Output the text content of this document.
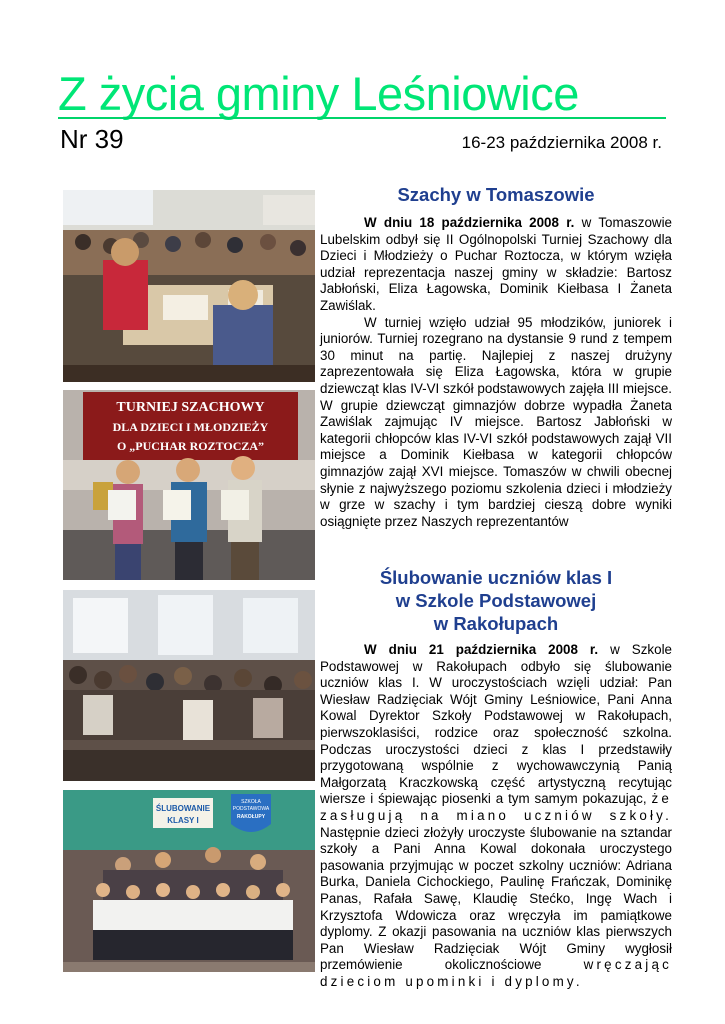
Z życia gminy Leśniowice
Nr 39	16-23 października 2008 r.
TURNIEJ SZACHOWY
DLA DZIECI I MŁODZIEŻY
O „PUCHAR ROZTOCZA”
ŚLUBOWANIE
KLASY I
SZKOŁA
PODSTAWOWA
RAKOŁUPY
Szachy w Tomaszowie

W dniu 18 października 2008 r. w Tomaszowie Lubelskim odbył się II Ogólnopolski Turniej Szachowy dla Dzieci i Młodzieży o Puchar Roztocza, w którym wzięła udział reprezentacja naszej gminy w składzie: Bartosz Jabłoński, Eliza Łagowska, Dominik Kiełbasa I Żaneta Zawiślak.

W turniej wzięło udział 95 młodzików, juniorek i juniorów. Turniej rozegrano na dystansie 9 rund z tempem 30 minut na partię. Najlepiej z naszej drużyny zaprezentowała się Eliza Łagowska, która w grupie dziewcząt klas IV-VI szkół podstawowych zajęła III miejsce. W grupie dziewcząt gimnazjów dobrze wypadła Żaneta Zawiślak zajmując IV miejsce. Bartosz Jabłoński w kategorii chłopców klas IV-VI szkół podstawowych zajął VII miejsce a Dominik Kiełbasa w kategorii chłopców gimnazjów zajął XVI miejsce. Tomaszów w chwili obecnej słynie z najwyższego poziomu szkolenia dzieci i młodzieży w grze w szachy i tym bardziej cieszą dobre wyniki osiągnięte przez Naszych reprezentantów

Ślubowanie uczniów klas I
w Szkole Podstawowej
w Rakołupach

W dniu 21 października 2008 r. w Szkole Podstawowej w Rakołupach odbyło się ślubowanie uczniów klas I. W uroczystościach wzięli udział: Pan Wiesław Radzięciak Wójt Gminy Leśniowice, Pani Anna Kowal Dyrektor Szkoły Podstawowej w Rakołupach, pierwszoklasiści, rodzice oraz społeczność szkolna. Podczas uroczystości dzieci z klas I przedstawiły przygotowaną wspólnie z wychowawczynią Panią Małgorzatą Kraczkowską część artystyczną recytując wiersze i śpiewając piosenki a tym samym pokazując, że zasługują na miano uczniów szkoły. Następnie dzieci złożyły uroczyste ślubowanie na sztandar szkoły a Pani Anna Kowal dokonała uroczystego pasowania przyjmując w poczet szkolny uczniów: Adriana Burka, Daniela Cichockiego, Paulinę Frańczak, Dominikę Panas, Rafała Sawę, Klaudię Stećko, Ingę Wach i Krzysztofa Wdowicza oraz wręczyła im pamiątkowe dyplomy. Z okazji pasowania na uczniów klas pierwszych Pan Wiesław Radzięciak Wójt Gminy wygłosił przemówienie okolicznościowe	wręczając dzieciom upominki i dyplomy.
